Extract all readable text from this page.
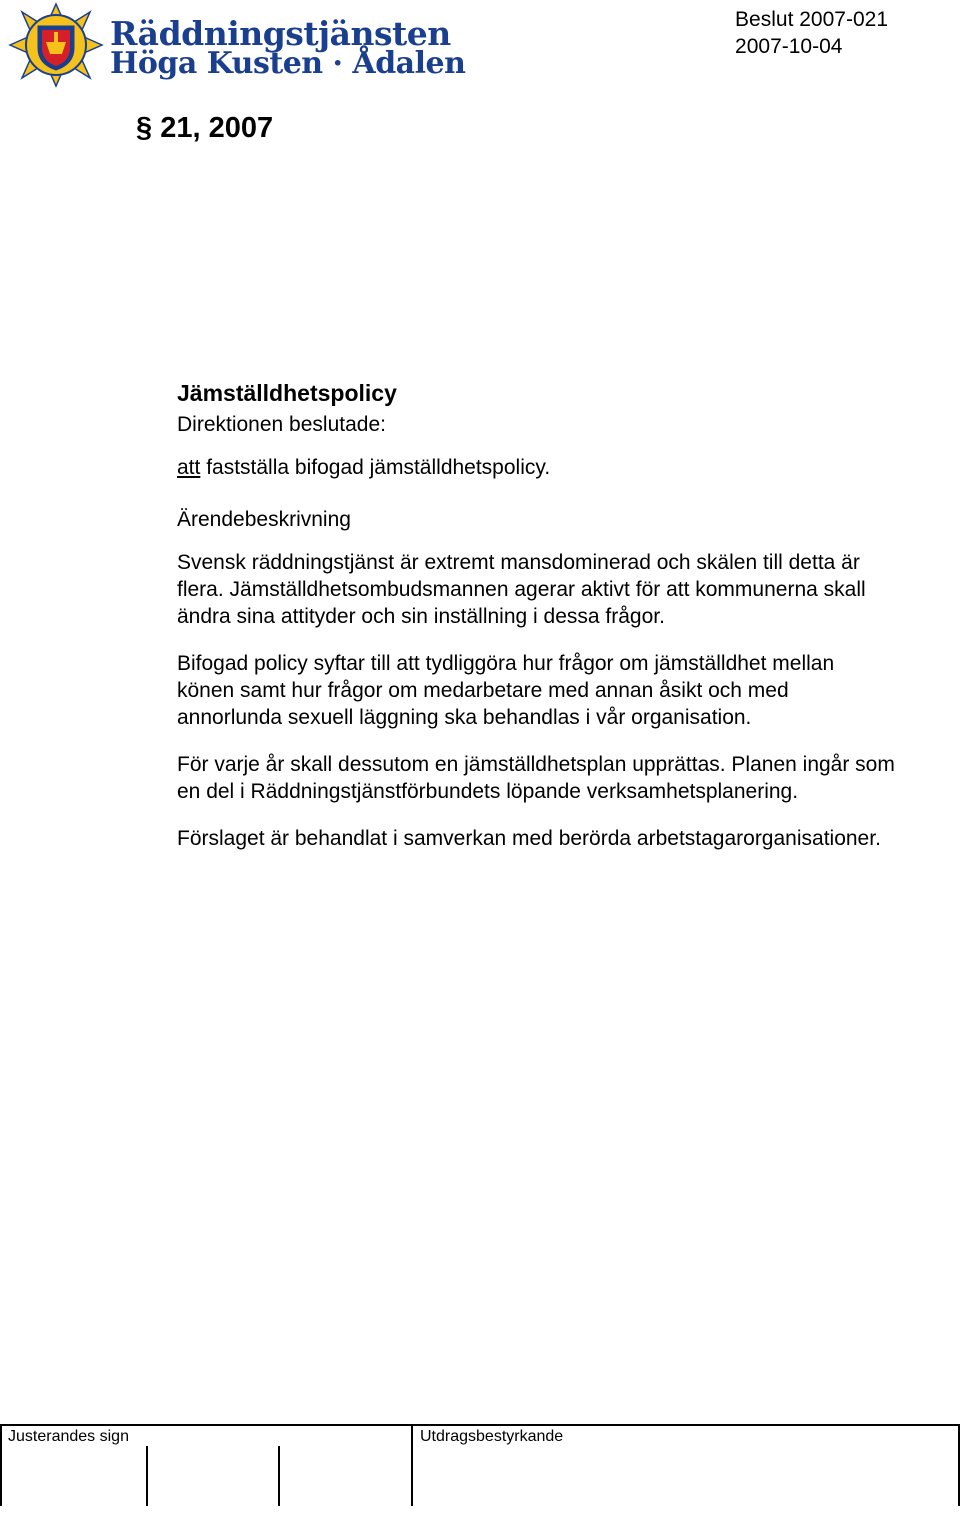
Räddningstjänsten
Höga Kusten · Ådalen
Beslut 2007-021
2007-10-04
§ 21, 2007

Jämställdhetspolicy

Direktionen beslutade:

att fastställa bifogad jämställdhetspolicy.

Ärendebeskrivning

Svensk räddningstjänst är extremt mansdominerad och skälen till detta är flera. Jämställdhetsombudsmannen agerar aktivt för att kommunerna skall ändra sina attityder och sin inställning i dessa frågor.

Bifogad policy syftar till att tydliggöra hur frågor om jämställdhet mellan könen samt hur frågor om medarbetare med annan åsikt och med annorlunda sexuell läggning ska behandlas i vår organisation.

För varje år skall dessutom en jämställdhetsplan upprättas. Planen ingår som en del i Räddningstjänstförbundets löpande verksamhetsplanering.

Förslaget är behandlat i samverkan med berörda arbetstagarorganisationer.

Justerandes sign	Utdragsbestyrkande
